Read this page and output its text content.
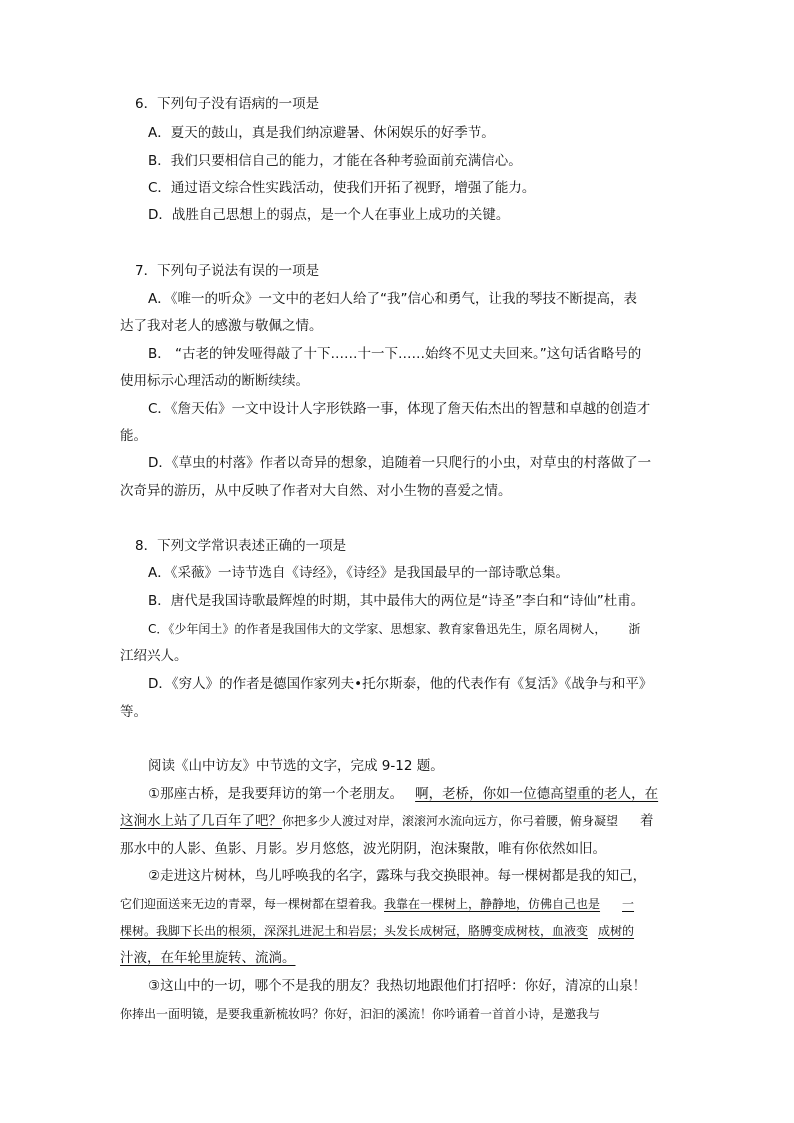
6．下列句子没有语病的一项是
A．夏天的鼓山，真是我们纳凉避暑、休闲娱乐的好季节。
B．我们只要相信自己的能力，才能在各种考验面前充满信心。
C．通过语文综合性实践活动，使我们开拓了视野，增强了能力。
D．战胜自己思想上的弱点，是一个人在事业上成功的关键。
7．下列句子说法有误的一项是
A．《唯一的听众》一文中的老妇人给了“我”信心和勇气，让我的琴技不断提高，表
达了我对老人的感激与敬佩之情。
B． “古老的钟发哑得敲了十下……十一下……始终不见丈夫回来。”这句话省略号的
使用标示心理活动的断断续续。
C．《詹天佑》一文中设计人字形铁路一事，体现了詹天佑杰出的智慧和卓越的创造才
能。
D．《草虫的村落》作者以奇异的想象，追随着一只爬行的小虫，对草虫的村落做了一
次奇异的游历，从中反映了作者对大自然、对小生物的喜爱之情。
8．下列文学常识表述正确的一项是
A．《采薇》一诗节选自《诗经》，《诗经》是我国最早的一部诗歌总集。
B．唐代是我国诗歌最辉煌的时期，其中最伟大的两位是“诗圣”李白和“诗仙”杜甫。
C．《少年闰土》的作者是我国伟大的文学家、思想家、教育家鲁迅先生，原名周树人， 浙
江绍兴人。
D．《穷人》的作者是德国作家列夫•托尔斯泰，他的代表作有《复活》《战争与和平》
等。
阅读《山中访友》中节选的文字，完成 9-12 题。
①那座古桥，是我要拜访的第一个老朋友。 啊，老桥，你如一位德高望重的老人，在
这涧水上站了几百年了吧？你把多少人渡过对岸，滚滚河水流向远方，你弓着腰，俯身凝望 着
那水中的人影、鱼影、月影。岁月悠悠，波光阴阴，泡沫聚散，唯有你依然如旧。
②走进这片树林，鸟儿呼唤我的名字，露珠与我交换眼神。每一棵树都是我的知己，
它们迎面送来无边的青翠，每一棵树都在望着我。我靠在一棵树上，静静地，仿佛自己也是 一
棵树。我脚下长出的根须，深深扎进泥土和岩层；头发长成树冠，胳膊变成树枝，血液变 成树的
汁液，在年轮里旋转、流淌。
③这山中的一切，哪个不是我的朋友？我热切地跟他们打招呼：你好，清凉的山泉！
你捧出一面明镜，是要我重新梳妆吗？你好，汩汩的溪流！你吟诵着一首首小诗，是邀我与
